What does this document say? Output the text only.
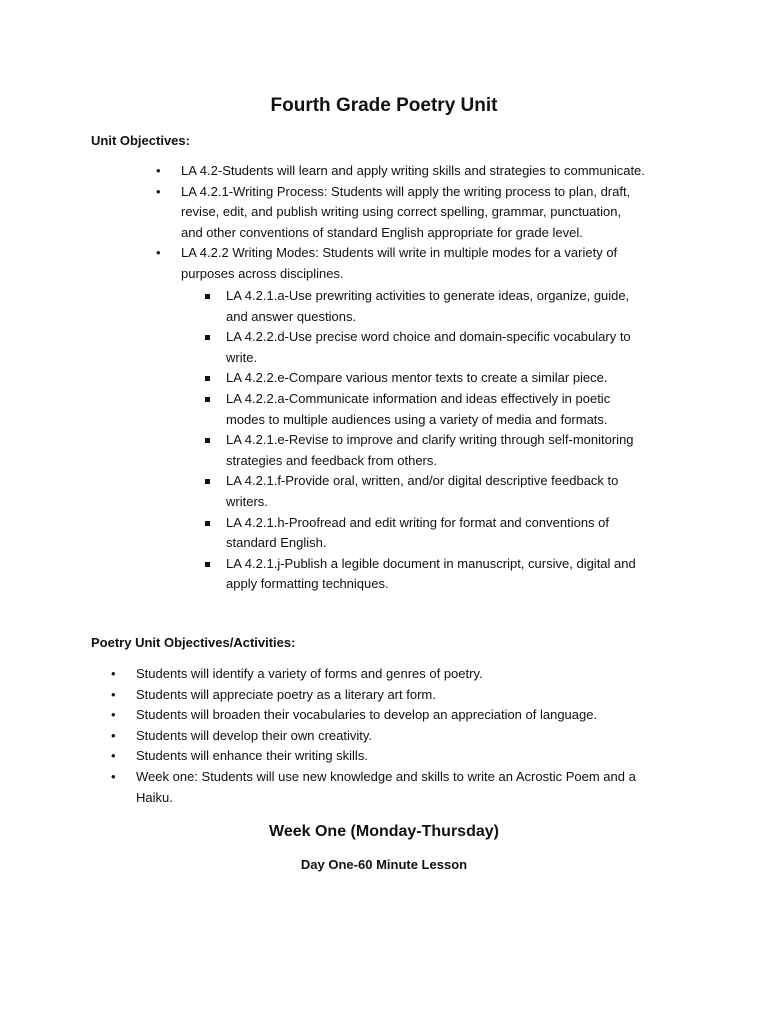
Fourth Grade Poetry Unit
Unit Objectives:
• LA 4.2-Students will learn and apply writing skills and strategies to communicate.
• LA 4.2.1-Writing Process: Students will apply the writing process to plan, draft,
revise, edit, and publish writing using correct spelling, grammar, punctuation,
and other conventions of standard English appropriate for grade level.
• LA 4.2.2 Writing Modes: Students will write in multiple modes for a variety of
purposes across disciplines.
LA 4.2.1.a-Use prewriting activities to generate ideas, organize, guide,
and answer questions.
LA 4.2.2.d-Use precise word choice and domain-specific vocabulary to
write.
LA 4.2.2.e-Compare various mentor texts to create a similar piece.
LA 4.2.2.a-Communicate information and ideas effectively in poetic
modes to multiple audiences using a variety of media and formats.
LA 4.2.1.e-Revise to improve and clarify writing through self-monitoring
strategies and feedback from others.
LA 4.2.1.f-Provide oral, written, and/or digital descriptive feedback to
writers.
LA 4.2.1.h-Proofread and edit writing for format and conventions of
standard English.
LA 4.2.1.j-Publish a legible document in manuscript, cursive, digital and
apply formatting techniques.
Poetry Unit Objectives/Activities:
• Students will identify a variety of forms and genres of poetry.
• Students will appreciate poetry as a literary art form.
• Students will broaden their vocabularies to develop an appreciation of language.
• Students will develop their own creativity.
• Students will enhance their writing skills.
• Week one: Students will use new knowledge and skills to write an Acrostic Poem and a
Haiku.
Week One (Monday-Thursday)
Day One-60 Minute Lesson
